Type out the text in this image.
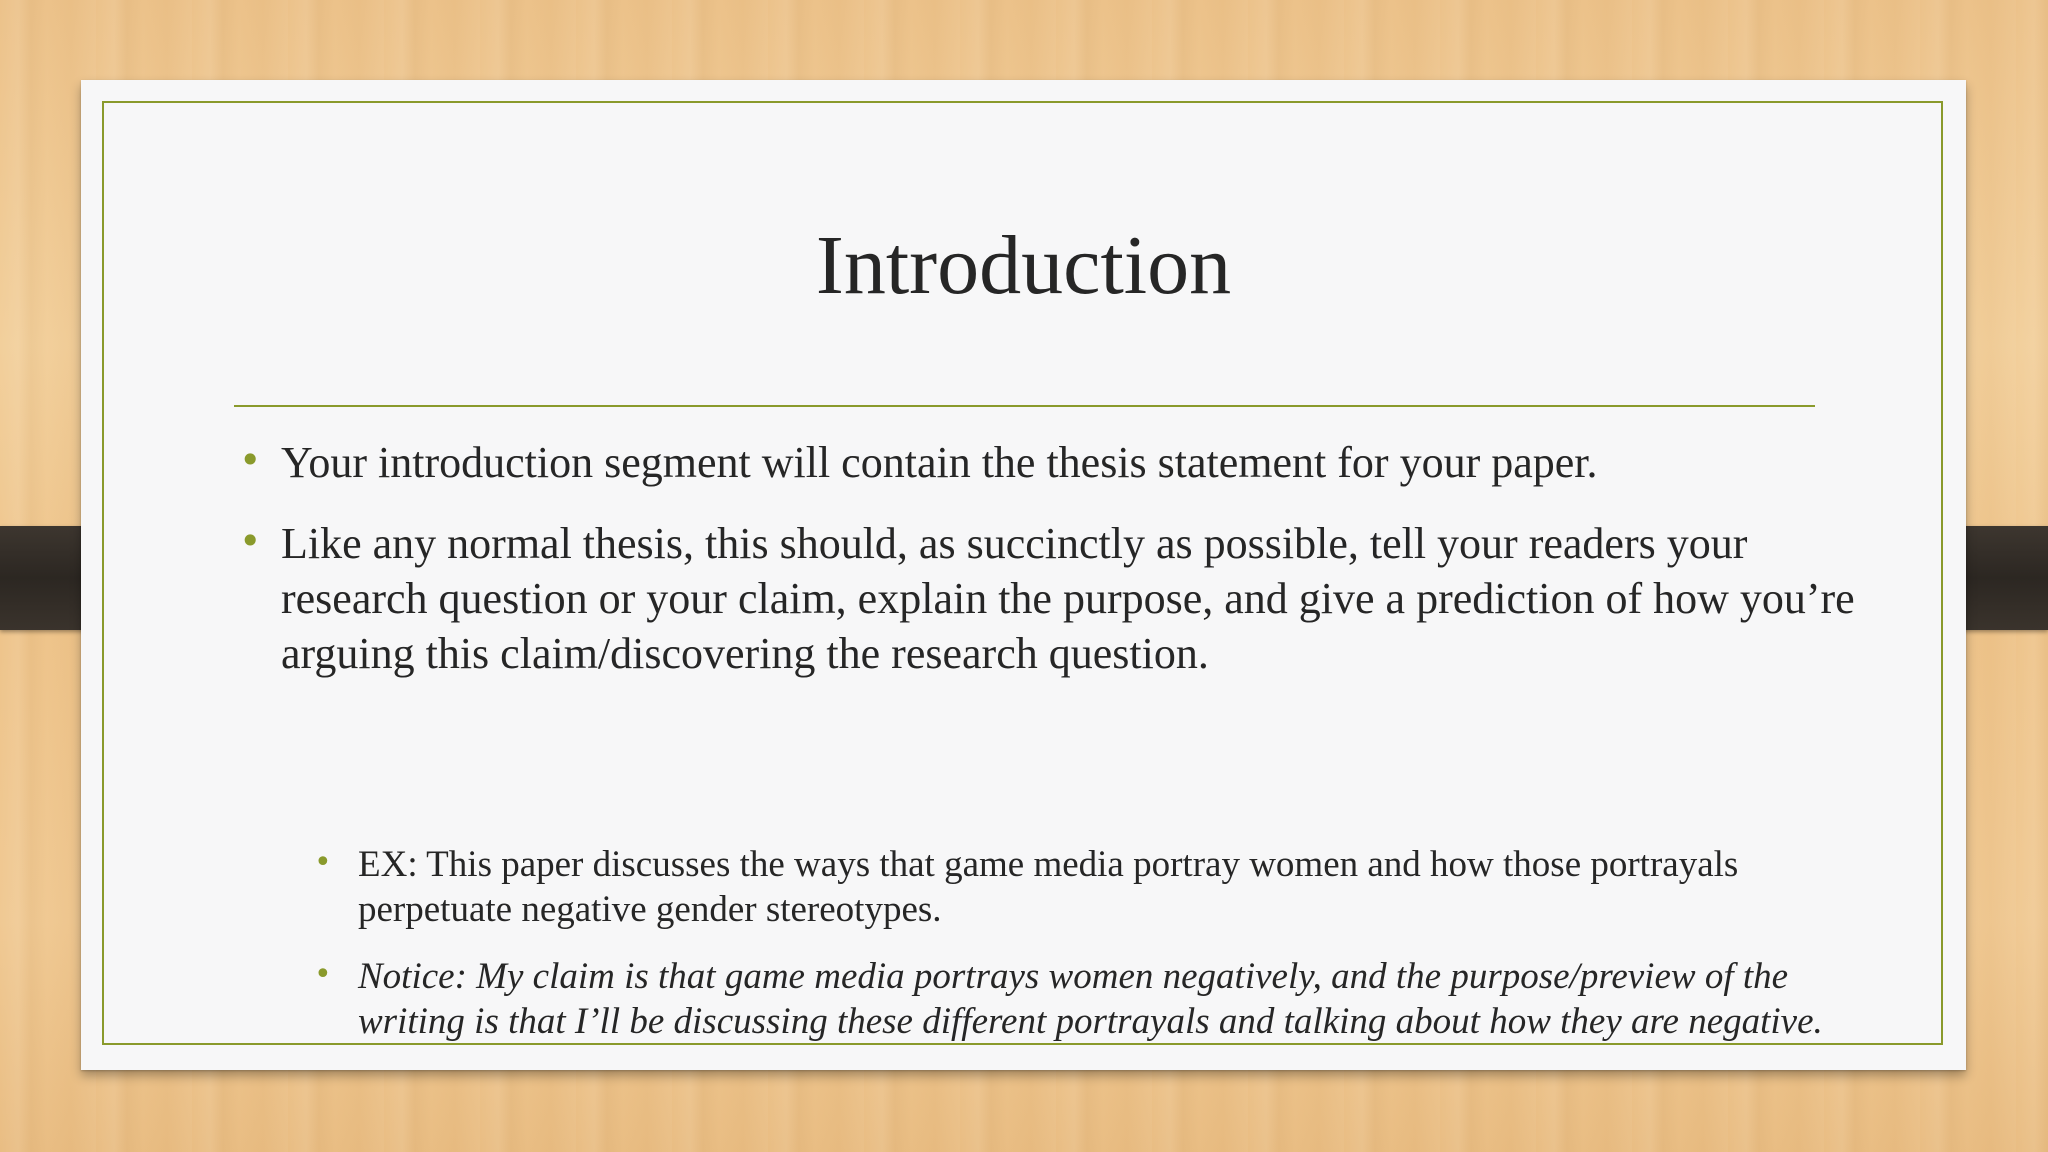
Introduction
• Your introduction segment will contain the thesis statement for your paper.
• Like any normal thesis, this should, as succinctly as possible, tell your readers your research question or your claim, explain the purpose, and give a prediction of how you’re arguing this claim/discovering the research question.
• EX: This paper discusses the ways that game media portray women and how those portrayals perpetuate negative gender stereotypes.
• Notice: My claim is that game media portrays women negatively, and the purpose/preview of the writing is that I’ll be discussing these different portrayals and talking about how they are negative.
